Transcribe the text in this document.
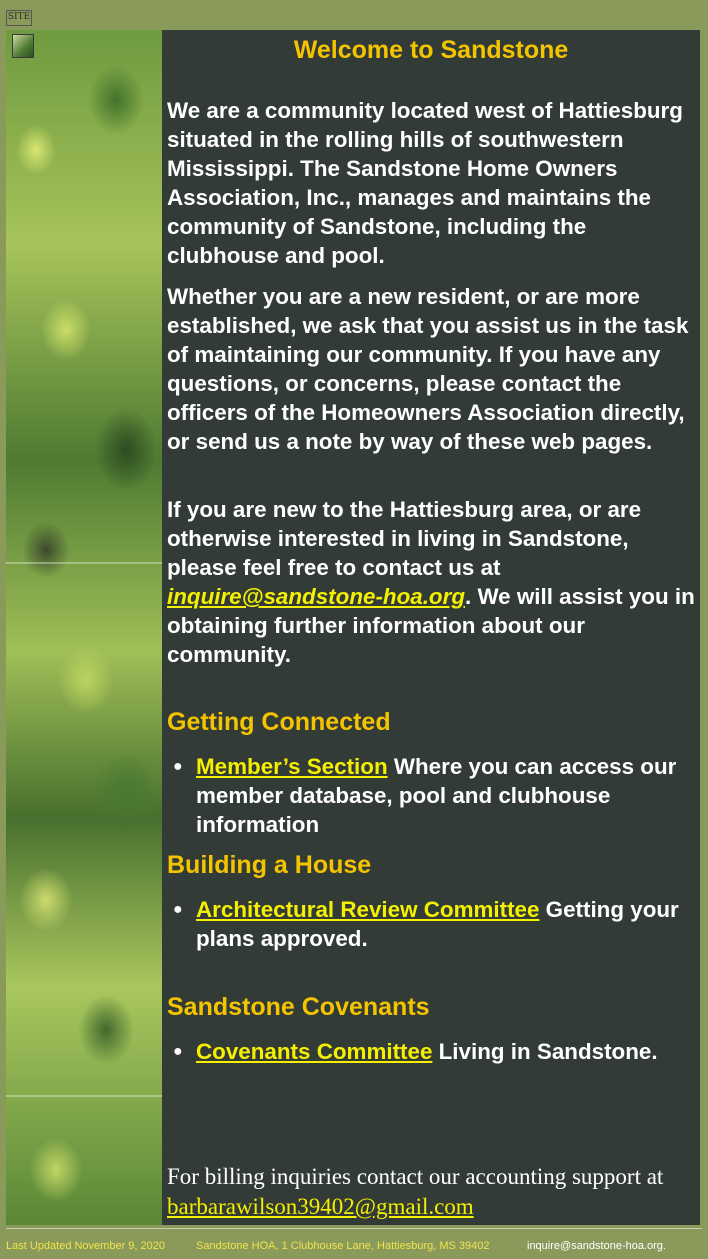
SITE
Welcome to Sandstone

We are a community located west of Hattiesburg situated in the rolling hills of southwestern Mississippi. The Sandstone Home Owners Association, Inc., manages and maintains the community of Sandstone, including the clubhouse and pool.

Whether you are a new resident, or are more established, we ask that you assist us in the task of maintaining our community. If you have any questions, or concerns, please contact the officers of the Homeowners Association directly, or send us a note by way of these web pages.

If you are new to the Hattiesburg area, or are otherwise interested in living in Sandstone, please feel free to contact us at inquire@sandstone-hoa.org. We will assist you in obtaining further information about our community.

Getting Connected
● Member’s Section Where you can access our member database, pool and clubhouse information

Building a House
● Architectural Review Committee Getting your plans approved.

Sandstone Covenants
● Covenants Committee Living in Sandstone.

For billing inquiries contact our accounting support at barbarawilson39402@gmail.com

Last Updated November 9, 2020	Sandstone HOA, 1 Clubhouse Lane, Hattiesburg, MS 39402	inquire@sandstone-hoa.org.
